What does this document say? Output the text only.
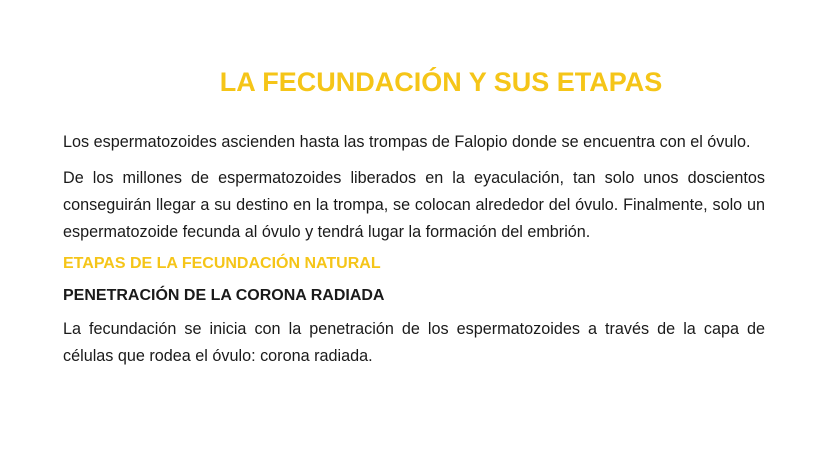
LA FECUNDACIÓN Y SUS ETAPAS

Los espermatozoides ascienden hasta las trompas de Falopio donde se encuentra con el óvulo.

De los millones de espermatozoides liberados en la eyaculación, tan solo unos doscientos conseguirán llegar a su destino en la trompa, se colocan alrededor del óvulo. Finalmente, solo un espermatozoide fecunda al óvulo y tendrá lugar la formación del embrión.

ETAPAS DE LA FECUNDACIÓN NATURAL

PENETRACIÓN DE LA CORONA RADIADA

La fecundación se inicia con la penetración de los espermatozoides a través de la capa de células que rodea el óvulo: corona radiada.
